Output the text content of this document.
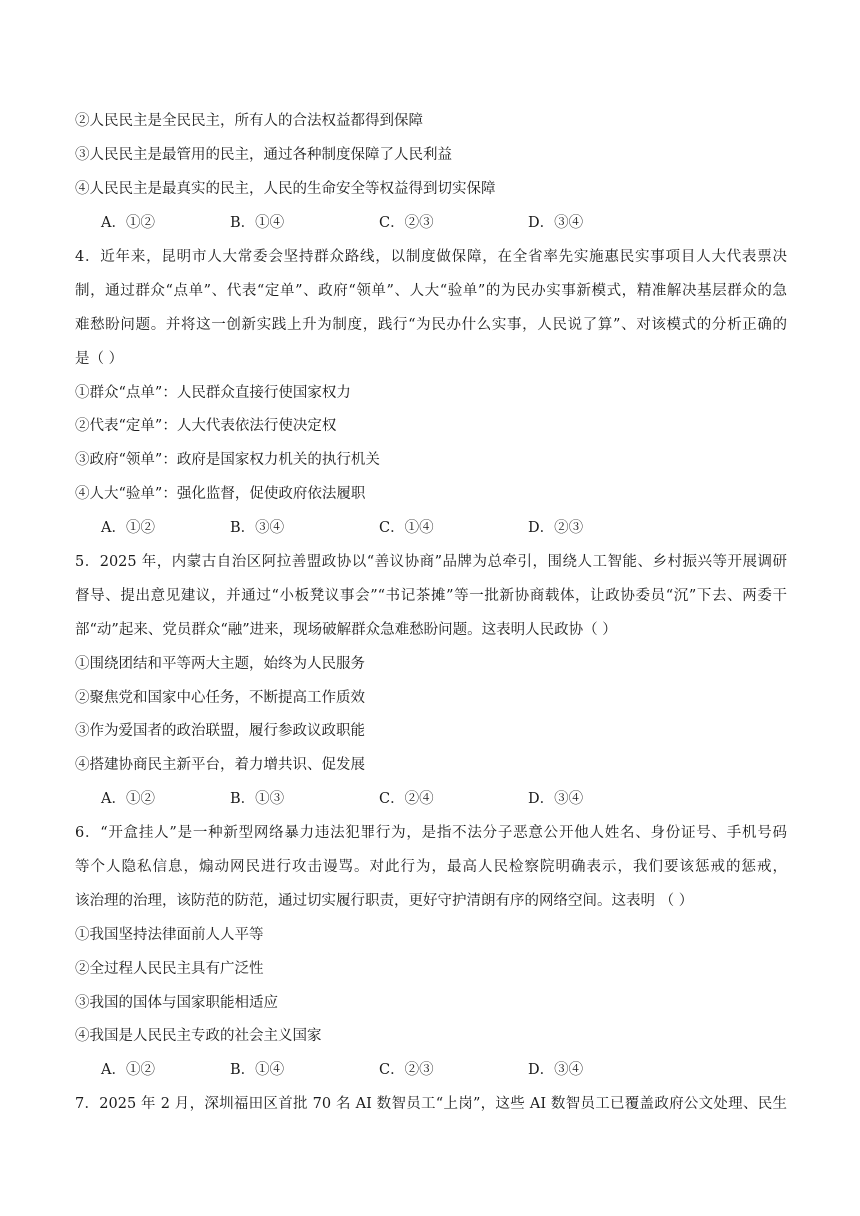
②人民民主是全民民主，所有人的合法权益都得到保障
③人民民主是最管用的民主，通过各种制度保障了人民利益
④人民民主是最真实的民主，人民的生命安全等权益得到切实保障
A．①②	B．①④	C．②③	D．③④
4．近年来，昆明市人大常委会坚持群众路线，以制度做保障，在全省率先实施惠民实事项目人大代表票决
制，通过群众“点单”、代表“定单”、政府“领单”、人大“验单”的为民办实事新模式，精准解决基层群众的急
难愁盼问题。并将这一创新实践上升为制度，践行“为民办什么实事，人民说了算”、对该模式的分析正确的
是（ ）
①群众“点单”：人民群众直接行使国家权力
②代表“定单”：人大代表依法行使决定权
③政府“领单”：政府是国家权力机关的执行机关
④人大“验单”：强化监督，促使政府依法履职
A．①②	B．③④	C．①④	D．②③
5．2025 年，内蒙古自治区阿拉善盟政协以“善议协商”品牌为总牵引，围绕人工智能、乡村振兴等开展调研
督导、提出意见建议，并通过“小板凳议事会”“书记茶摊”等一批新协商载体，让政协委员“沉”下去、两委干
部“动”起来、党员群众“融”进来，现场破解群众急难愁盼问题。这表明人民政协（ ）
①围绕团结和平等两大主题，始终为人民服务
②聚焦党和国家中心任务，不断提高工作质效
③作为爱国者的政治联盟，履行参政议政职能
④搭建协商民主新平台，着力增共识、促发展
A．①②	B．①③	C．②④	D．③④
6．“开盒挂人”是一种新型网络暴力违法犯罪行为，是指不法分子恶意公开他人姓名、身份证号、手机号码
等个人隐私信息，煽动网民进行攻击谩骂。对此行为，最高人民检察院明确表示，我们要该惩戒的惩戒，
该治理的治理，该防范的防范，通过切实履行职责，更好守护清朗有序的网络空间。这表明 （ ）
①我国坚持法律面前人人平等
②全过程人民民主具有广泛性
③我国的国体与国家职能相适应
④我国是人民民主专政的社会主义国家
A．①②	B．①④	C．②③	D．③④
7．2025 年 2 月，深圳福田区首批 70 名 AI 数智员工“上岗”，这些 AI 数智员工已覆盖政府公文处理、民生
